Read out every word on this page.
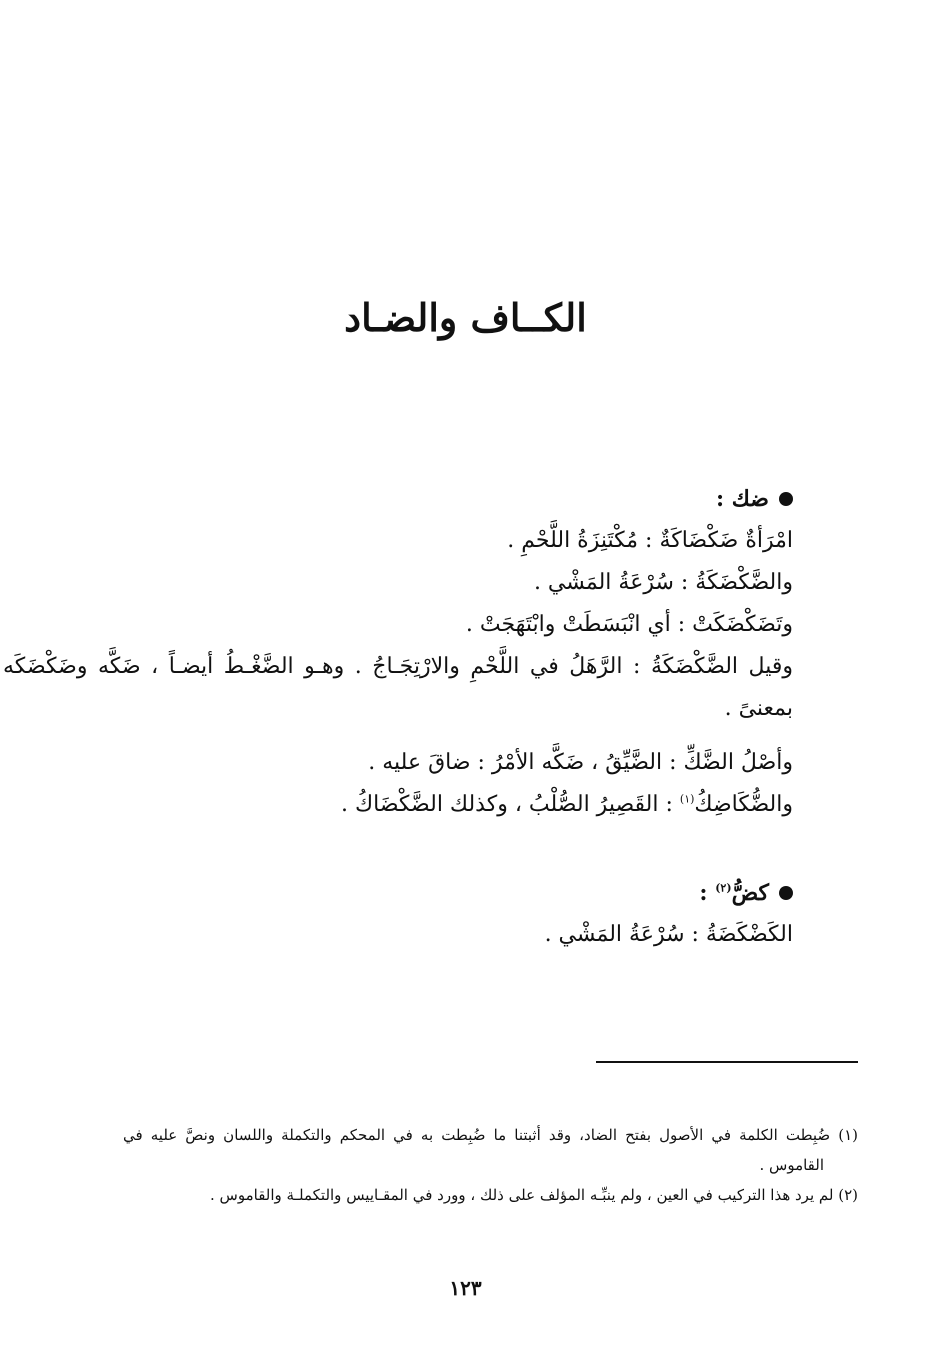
الكــاف والضـاد
ضك :
امْرَأةٌ ضَكْضَاكَةٌ : مُكْتَنِزَةُ اللَّحْمِ .
والضَّكْضَكَةُ : سُرْعَةُ المَشْي .
وتَضَكْضَكَتْ : أي انْبَسَطَتْ وابْتَهَجَتْ .
وقيل الضَّكْضَكَةُ : الرَّهَلُ في اللَّحْمِ والارْتِجَـاجُ . وهـو الضَّغْـطُ أيضـاً ، ضَكَّه وضَكْضَكَه بمعنىً .
وأصْلُ الضَّكِّ : الضَّيِّقُ ، ضَكَّه الأمْرُ : ضاقَ عليه .
والضُّكَاضِكُ$^{(١)}$ : القَصِيرُ الصُّلْبُ ، وكذلك الضَّكْضَاكُ .
كضُّ$^{(٢)}$ :
الكَضْكَضَةُ : سُرْعَةُ المَشْي .
(١) ضُبِطت الكلمة في الأصول بفتح الضاد، وقد أثبتنا ما ضُبِطت به في المحكم والتكملة واللسان ونصَّ عليه في القاموس .
(٢) لم يرد هذا التركيب في العين ، ولم ينبِّـه المؤلف على ذلك ، وورد في المقـاييس والتكملـة والقاموس .
١٢٣
